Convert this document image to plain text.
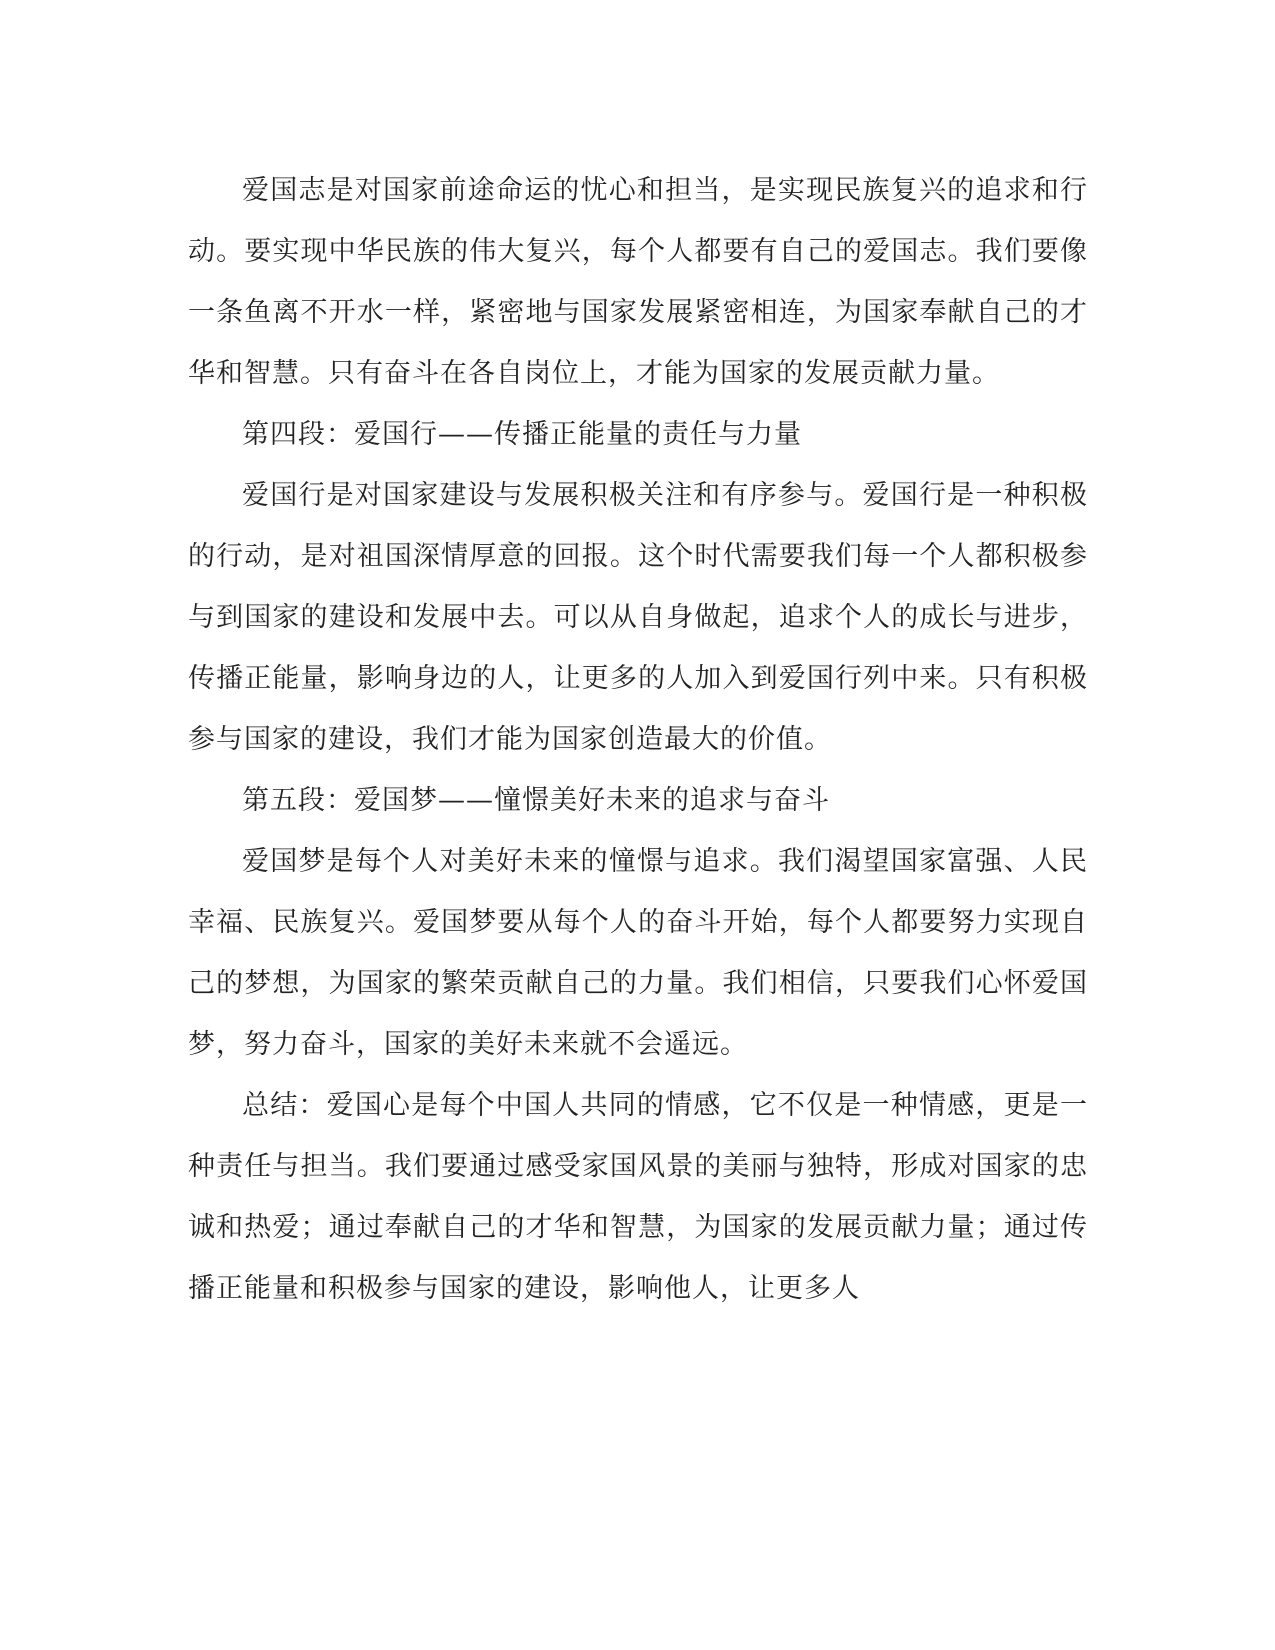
爱国志是对国家前途命运的忧心和担当，是实现民族复兴的追求和行动。要实现中华民族的伟大复兴，每个人都要有自己的爱国志。我们要像一条鱼离不开水一样，紧密地与国家发展紧密相连，为国家奉献自己的才华和智慧。只有奋斗在各自岗位上，才能为国家的发展贡献力量。

第四段：爱国行——传播正能量的责任与力量

爱国行是对国家建设与发展积极关注和有序参与。爱国行是一种积极的行动，是对祖国深情厚意的回报。这个时代需要我们每一个人都积极参与到国家的建设和发展中去。可以从自身做起，追求个人的成长与进步，传播正能量，影响身边的人，让更多的人加入到爱国行列中来。只有积极参与国家的建设，我们才能为国家创造最大的价值。

第五段：爱国梦——憧憬美好未来的追求与奋斗

爱国梦是每个人对美好未来的憧憬与追求。我们渴望国家富强、人民幸福、民族复兴。爱国梦要从每个人的奋斗开始，每个人都要努力实现自己的梦想，为国家的繁荣贡献自己的力量。我们相信，只要我们心怀爱国梦，努力奋斗，国家的美好未来就不会遥远。

总结：爱国心是每个中国人共同的情感，它不仅是一种情感，更是一种责任与担当。我们要通过感受家国风景的美丽与独特，形成对国家的忠诚和热爱；通过奉献自己的才华和智慧，为国家的发展贡献力量；通过传播正能量和积极参与国家的建设，影响他人，让更多人
